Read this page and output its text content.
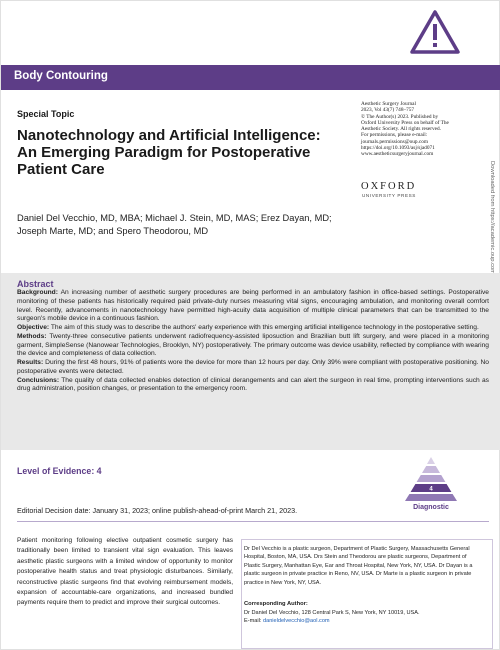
Body Contouring
Special Topic
Nanotechnology and Artificial Intelligence:
An Emerging Paradigm for Postoperative
Patient Care
Aesthetic Surgery Journal
2023, Vol 43(7) 748–757
© The Author(s) 2023. Published by
Oxford University Press on behalf of The
Aesthetic Society. All rights reserved.
For permissions, please e-mail:
journals.permissions@oup.com
https://doi.org/10.1093/asj/sjad071
www.aestheticsurgeryjournal.com
OXFORD
UNIVERSITY PRESS
Daniel Del Vecchio, MD, MBA; Michael J. Stein, MD, MAS; Erez Dayan, MD;
Joseph Marte, MD; and Spero Theodorou, MD
Abstract

Background: An increasing number of aesthetic surgery procedures are being performed in an ambulatory fashion in office-based settings. Postoperative monitoring of these patients has historically required paid private-duty nurses measuring vital signs, encouraging ambulation, and monitoring overall comfort level. Recently, advancements in nanotechnology have permitted high-acuity data acquisition of multiple clinical parameters that can be transmitted to the surgeon's mobile device in a continuous fashion.

Objective: The aim of this study was to describe the authors' early experience with this emerging artificial intelligence technology in the postoperative setting.

Methods: Twenty-three consecutive patients underwent radiofrequency-assisted liposuction and Brazilian butt lift surgery, and were placed in a monitoring garment, SimpleSense (Nanowear Technologies, Brooklyn, NY) postoperatively. The primary outcome was device usability, reflected by compliance with wearing the device and completeness of data collection.

Results: During the first 48 hours, 91% of patients wore the device for more than 12 hours per day. Only 39% were compliant with postoperative positioning. No postoperative events were detected.

Conclusions: The quality of data collected enables detection of clinical derangements and can alert the surgeon in real time, prompting interventions such as drug administration, position changes, or presentation to the emergency room.

Level of Evidence: 4
4
Diagnostic
Editorial Decision date: January 31, 2023; online publish-ahead-of-print March 21, 2023.
Patient monitoring following elective outpatient cosmetic surgery has traditionally been limited to transient vital sign evaluation. This leaves aesthetic plastic surgeons with a limited window of opportunity to monitor postoperative health status and treat physiologic disturbances. Similarly, reconstructive plastic surgeons find that evolving reimbursement models, expansion of accountable-care organizations, and increased bundled payments require them to predict and improve their surgical outcomes.
Dr Del Vecchio is a plastic surgeon, Department of Plastic Surgery, Massachusetts General Hospital, Boston, MA, USA. Drs Stein and Theodorou are plastic surgeons, Department of Plastic Surgery, Manhattan Eye, Ear and Throat Hospital, New York, NY, USA. Dr Dayan is a plastic surgeon in private practice in Reno, NV, USA. Dr Marte is a plastic surgeon in private practice in New York, NY, USA.
Corresponding Author:
Dr Daniel Del Vecchio, 128 Central Park S, New York, NY 10019, USA.
E-mail: danieldelvecchio@aol.com
